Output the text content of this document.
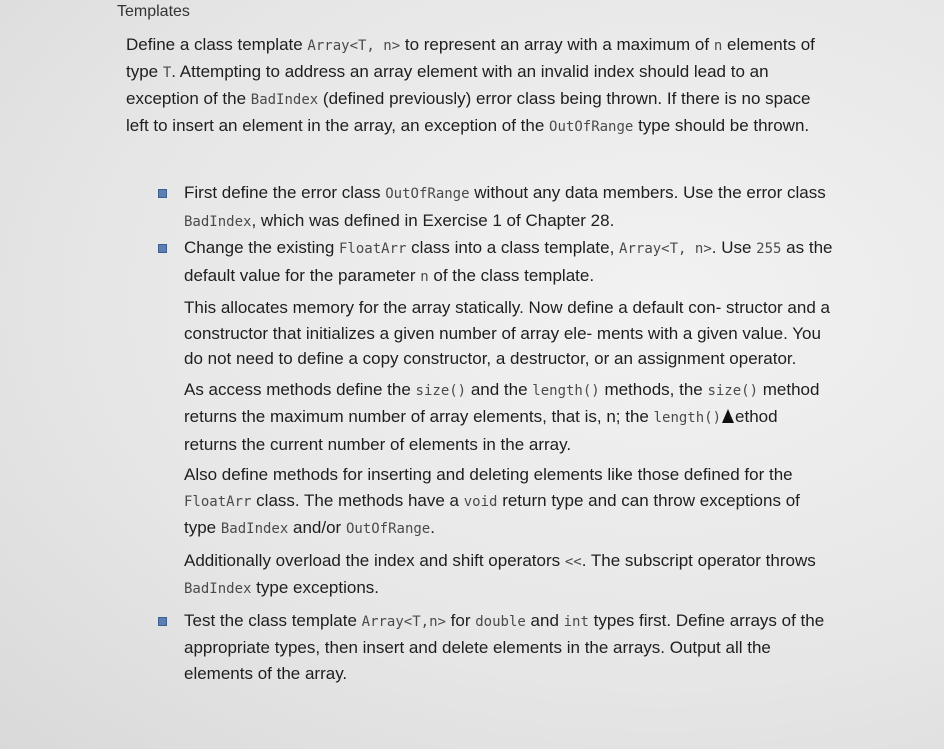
Templates
Define a class template Array<T, n> to represent an array with a maximum of n elements of type T. Attempting to address an array element with an invalid index should lead to an exception of the BadIndex (defined previously) error class being thrown. If there is no space left to insert an element in the array, an exception of the OutOfRange type should be thrown.
First define the error class OutOfRange without any data members. Use the error class BadIndex, which was defined in Exercise 1 of Chapter 28.
Change the existing FloatArr class into a class template, Array<T, n>. Use 255 as the default value for the parameter n of the class template.
This allocates memory for the array statically. Now define a default con- structor and a constructor that initializes a given number of array ele- ments with a given value. You do not need to define a copy constructor, a destructor, or an assignment operator.
As access methods define the size() and the length() methods, the size() method returns the maximum number of array elements, that is, n; the length() ethod returns the current number of elements in the array.
Also define methods for inserting and deleting elements like those defined for the FloatArr class. The methods have a void return type and can throw exceptions of type BadIndex and/or OutOfRange.
Additionally overload the index and shift operators <<. The subscript operator throws BadIndex type exceptions.
Test the class template Array<T,n> for double and int types first. Define arrays of the appropriate types, then insert and delete elements in the arrays. Output all the elements of the array.
